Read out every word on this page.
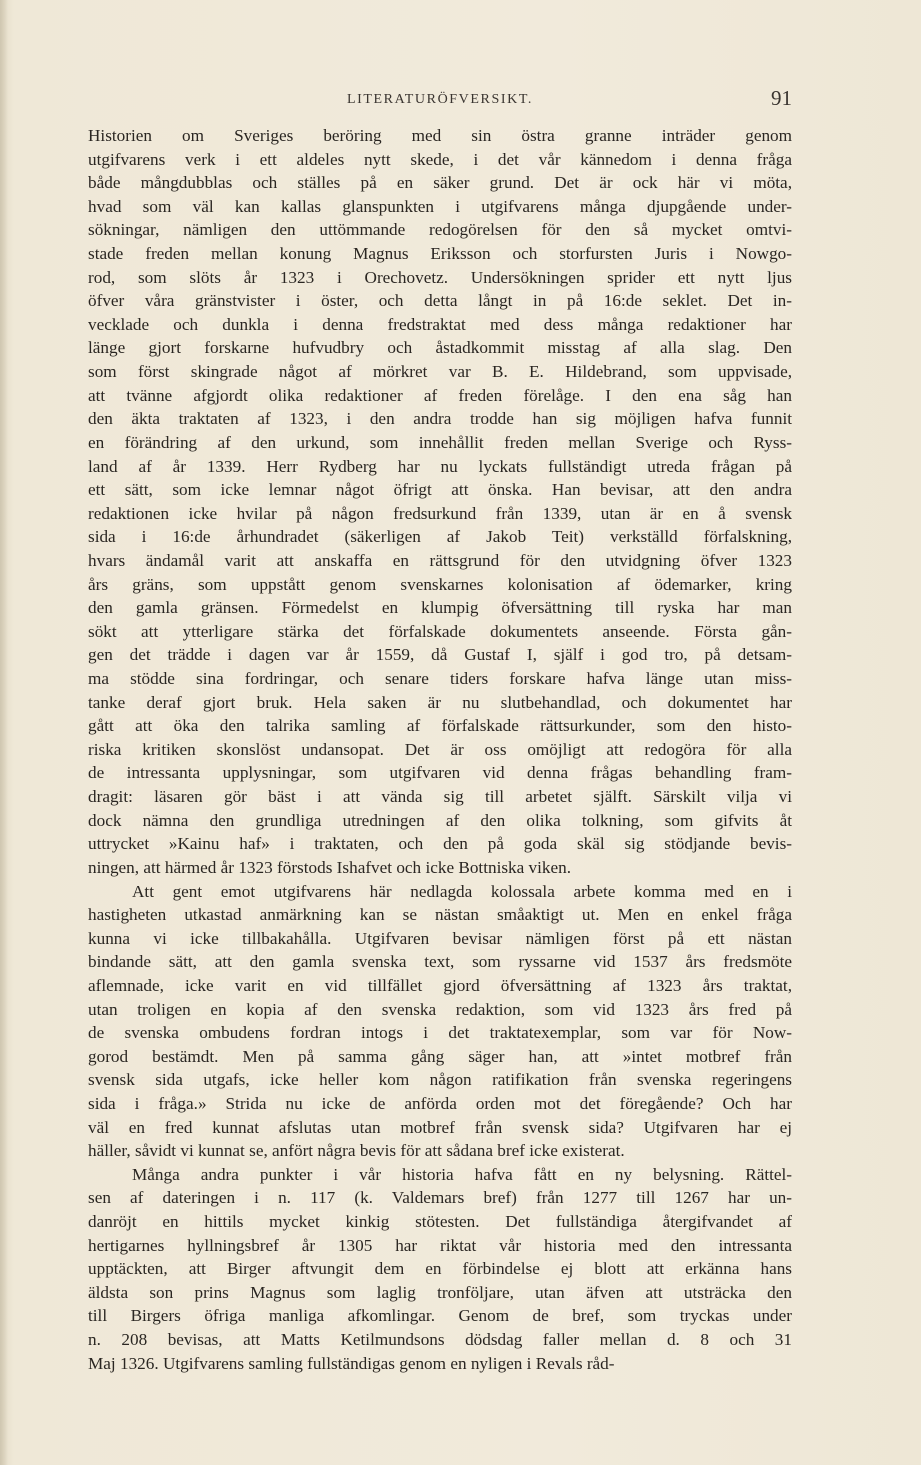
LITERATURÖFVERSIKT.	91
Historien om Sveriges beröring med sin östra granne inträder genom
utgifvarens verk i ett aldeles nytt skede, i det vår kännedom i denna fråga
både mångdubblas och ställes på en säker grund. Det är ock här vi möta,
hvad som väl kan kallas glanspunkten i utgifvarens många djupgående under-
sökningar, nämligen den uttömmande redogörelsen för den så mycket omtvi-
stade freden mellan konung Magnus Eriksson och storfursten Juris i Nowgo-
rod, som slöts år 1323 i Orechovetz. Undersökningen sprider ett nytt ljus
öfver våra gränstvister i öster, och detta långt in på 16:de seklet. Det in-
vecklade och dunkla i denna fredstraktat med dess många redaktioner har
länge gjort forskarne hufvudbry och åstadkommit misstag af alla slag. Den
som först skingrade något af mörkret var B. E. Hildebrand, som uppvisade,
att tvänne afgjordt olika redaktioner af freden förelåge. I den ena såg han
den äkta traktaten af 1323, i den andra trodde han sig möjligen hafva funnit
en förändring af den urkund, som innehållit freden mellan Sverige och Ryss-
land af år 1339. Herr Rydberg har nu lyckats fullständigt utreda frågan på
ett sätt, som icke lemnar något öfrigt att önska. Han bevisar, att den andra
redaktionen icke hvilar på någon fredsurkund från 1339, utan är en å svensk
sida i 16:de århundradet (säkerligen af Jakob Teit) verkställd förfalskning,
hvars ändamål varit att anskaffa en rättsgrund för den utvidgning öfver 1323
års gräns, som uppstått genom svenskarnes kolonisation af ödemarker, kring
den gamla gränsen. Förmedelst en klumpig öfversättning till ryska har man
sökt att ytterligare stärka det förfalskade dokumentets anseende. Första gån-
gen det trädde i dagen var år 1559, då Gustaf I, själf i god tro, på detsam-
ma stödde sina fordringar, och senare tiders forskare hafva länge utan miss-
tanke deraf gjort bruk. Hela saken är nu slutbehandlad, och dokumentet har
gått att öka den talrika samling af förfalskade rättsurkunder, som den histo-
riska kritiken skonslöst undansopat. Det är oss omöjligt att redogöra för alla
de intressanta upplysningar, som utgifvaren vid denna frågas behandling fram-
dragit: läsaren gör bäst i att vända sig till arbetet själft. Särskilt vilja vi
dock nämna den grundliga utredningen af den olika tolkning, som gifvits åt
uttrycket »Kainu haf» i traktaten, och den på goda skäl sig stödjande bevis-
ningen, att härmed år 1323 förstods Ishafvet och icke Bottniska viken.
Att gent emot utgifvarens här nedlagda kolossala arbete komma med en i
hastigheten utkastad anmärkning kan se nästan småaktigt ut. Men en enkel fråga
kunna vi icke tillbakahålla. Utgifvaren bevisar nämligen först på ett nästan
bindande sätt, att den gamla svenska text, som ryssarne vid 1537 års fredsmöte
aflemnade, icke varit en vid tillfället gjord öfversättning af 1323 års traktat,
utan troligen en kopia af den svenska redaktion, som vid 1323 års fred på
de svenska ombudens fordran intogs i det traktatexemplar, som var för Now-
gorod bestämdt. Men på samma gång säger han, att »intet motbref från
svensk sida utgafs, icke heller kom någon ratifikation från svenska regeringens
sida i fråga.» Strida nu icke de anförda orden mot det föregående? Och har
väl en fred kunnat afslutas utan motbref från svensk sida? Utgifvaren har ej
häller, såvidt vi kunnat se, anfört några bevis för att sådana bref icke existerat.
Många andra punkter i vår historia hafva fått en ny belysning. Rättel-
sen af dateringen i n. 117 (k. Valdemars bref) från 1277 till 1267 har un-
danröjt en hittils mycket kinkig stötesten. Det fullständiga återgifvandet af
hertigarnes hyllningsbref år 1305 har riktat vår historia med den intressanta
upptäckten, att Birger aftvungit dem en förbindelse ej blott att erkänna hans
äldsta son prins Magnus som laglig tronföljare, utan äfven att utsträcka den
till Birgers öfriga manliga afkomlingar. Genom de bref, som tryckas under
n. 208 bevisas, att Matts Ketilmundsons dödsdag faller mellan d. 8 och 31
Maj 1326. Utgifvarens samling fullständigas genom en nyligen i Revals råd-
